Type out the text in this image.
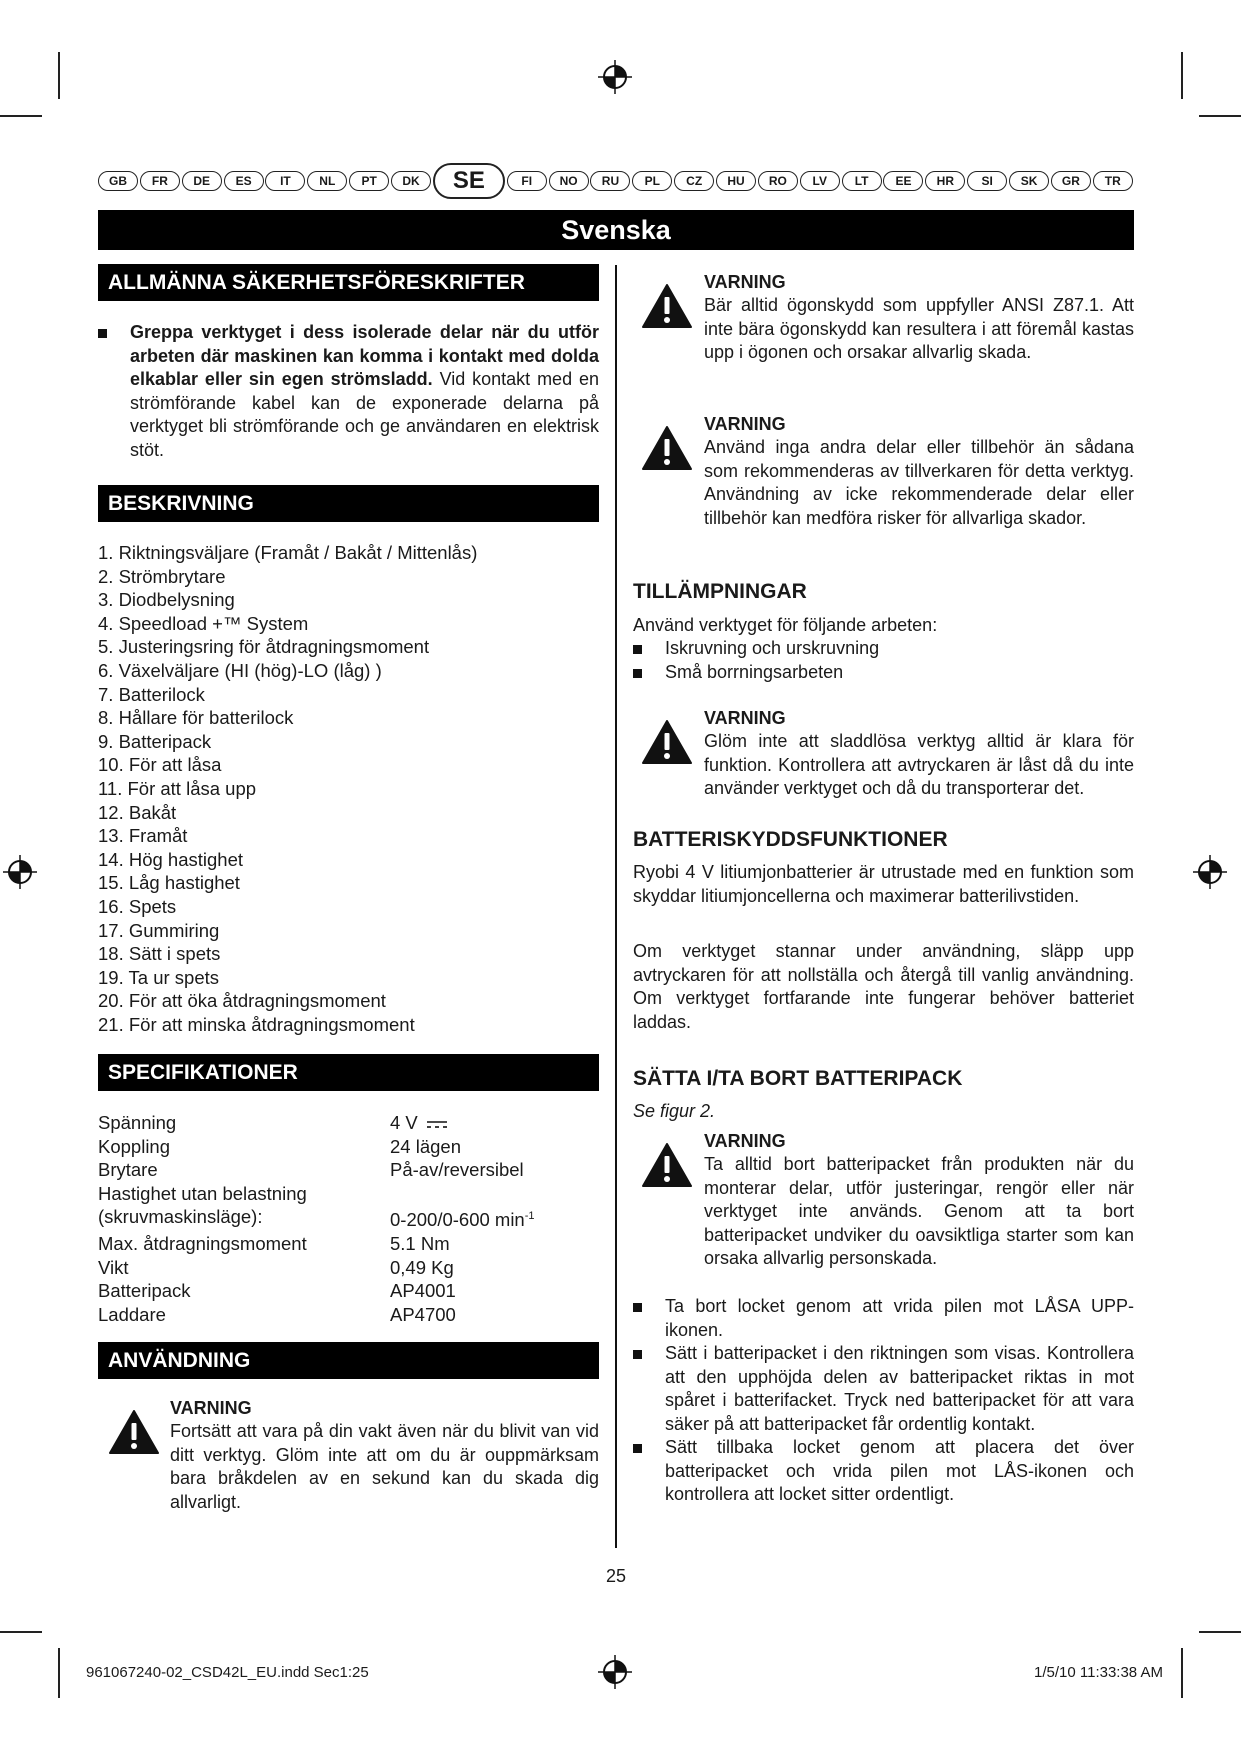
GB	FR	DE	ES	IT	NL	PT	DK	SE	FI	NO	RU	PL	CZ	HU	RO	LV	LT	EE	HR	SI	SK	GR	TR
Svenska
ALLMÄNNA SÄKERHETSFÖRESKRIFTER
Greppa verktyget i dess isolerade delar när du utför arbeten där maskinen kan komma i kontakt med dolda elkablar eller sin egen strömsladd. Vid kontakt med en strömförande kabel kan de exponerade delarna på verktyget bli strömförande och ge användaren en elektrisk stöt.
BESKRIVNING
1. Riktningsväljare (Framåt / Bakåt / Mittenlås)
2. Strömbrytare
3. Diodbelysning
4. Speedload +™ System
5. Justeringsring för åtdragningsmoment
6. Växelväljare (HI (hög)-LO (låg) )
7. Batterilock
8. Hållare för batterilock
9. Batteripack
10. För att låsa
11. För att låsa upp
12. Bakåt
13. Framåt
14. Hög hastighet
15. Låg hastighet
16. Spets
17. Gummiring
18. Sätt i spets
19. Ta ur spets
20. För att öka åtdragningsmoment
21. För att minska åtdragningsmoment
SPECIFIKATIONER
Spänning	4 V
Koppling	24 lägen
Brytare	På-av/reversibel
Hastighet utan belastning
(skruvmaskinsläge):	0-200/0-600 $\min^{-1}$
Max. åtdragningsmoment	5.1 Nm
Vikt	0,49 Kg
Batteripack	AP4001
Laddare	AP4700
ANVÄNDNING
VARNING
Fortsätt att vara på din vakt även när du blivit van vid ditt verktyg. Glöm inte att om du är ouppmärksam bara bråkdelen av en sekund kan du skada dig allvarligt.
VARNING
Bär alltid ögonskydd som uppfyller ANSI Z87.1. Att inte bära ögonskydd kan resultera i att föremål kastas upp i ögonen och orsakar allvarlig skada.
VARNING
Använd inga andra delar eller tillbehör än sådana som rekommenderas av tillverkaren för detta verktyg. Användning av icke rekommenderade delar eller tillbehör kan medföra risker för allvarliga skador.
TILLÄMPNINGAR
Använd verktyget för följande arbeten:
Iskruvning och urskruvning
Små borrningsarbeten
VARNING
Glöm inte att sladdlösa verktyg alltid är klara för funktion. Kontrollera att avtryckaren är låst då du inte använder verktyget och då du transporterar det.
BATTERISKYDDSFUNKTIONER
Ryobi 4 V litiumjonbatterier är utrustade med en funktion som skyddar litiumjoncellerna och maximerar batterilivstiden.
Om verktyget stannar under användning, släpp upp avtryckaren för att nollställa och återgå till vanlig användning. Om verktyget fortfarande inte fungerar behöver batteriet laddas.
SÄTTA I/TA BORT BATTERIPACK
Se figur 2.
VARNING
Ta alltid bort batteripacket från produkten när du monterar delar, utför justeringar, rengör eller när verktyget inte används. Genom att ta bort batteripacket undviker du oavsiktliga starter som kan orsaka allvarlig personskada.
Ta bort locket genom att vrida pilen mot LÅSA UPP-ikonen.
Sätt i batteripacket i den riktningen som visas. Kontrollera att den upphöjda delen av batteripacket riktas in mot spåret i batterifacket. Tryck ned batteripacket för att vara säker på att batteripacket får ordentlig kontakt.
Sätt tillbaka locket genom att placera det över batteripacket och vrida pilen mot LÅS-ikonen och kontrollera att locket sitter ordentligt.
25
961067240-02_CSD42L_EU.indd Sec1:25	1/5/10 11:33:38 AM
